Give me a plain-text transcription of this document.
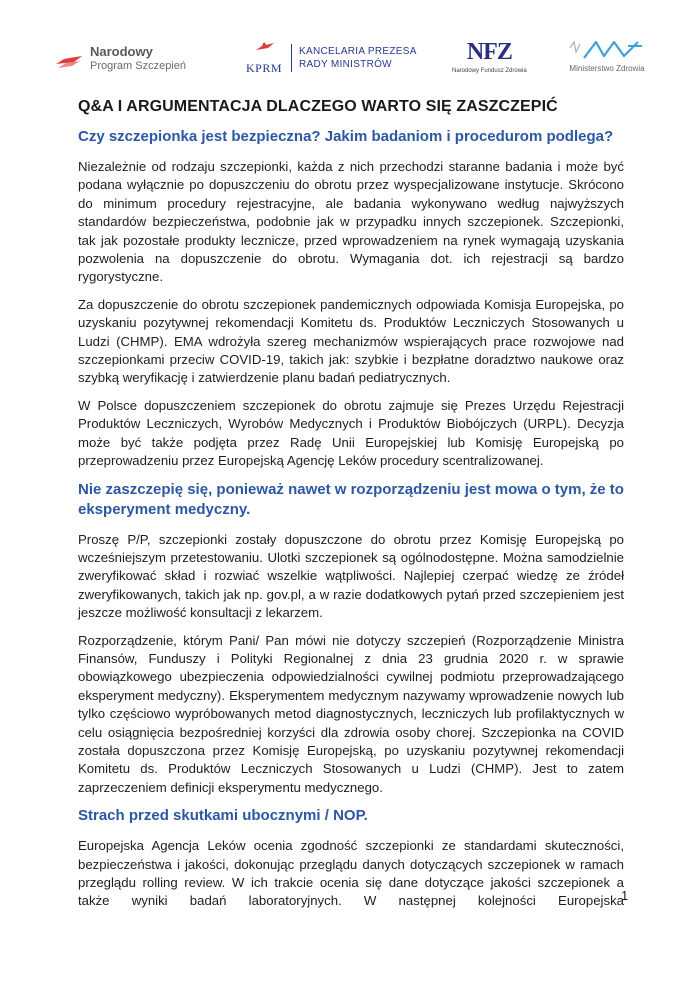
Narodowy
Program Szczepień	KPRM
KANCELARIA PREZESA
RADY MINISTRÓW	NFZ
Narodowy Fundusz Zdrowia	Ministerstwo Zdrowia
Q&A I ARGUMENTACJA DLACZEGO WARTO SIĘ ZASZCZEPIĆ
Czy szczepionka jest bezpieczna? Jakim badaniom i procedurom podlega?

Niezależnie od rodzaju szczepionki, każda z nich przechodzi staranne badania i może być podana wyłącznie po dopuszczeniu do obrotu przez wyspecjalizowane instytucje. Skrócono do minimum procedury rejestracyjne, ale badania wykonywano według najwyższych standardów bezpieczeństwa, podobnie jak w przypadku innych szczepionek. Szczepionki, tak jak pozostałe produkty lecznicze, przed wprowadzeniem na rynek wymagają uzyskania pozwolenia na dopuszczenie do obrotu. Wymagania dot. ich rejestracji są bardzo rygorystyczne.

Za dopuszczenie do obrotu szczepionek pandemicznych odpowiada Komisja Europejska, po uzyskaniu pozytywnej rekomendacji Komitetu ds. Produktów Leczniczych Stosowanych u Ludzi (CHMP). EMA wdrożyła szereg mechanizmów wspierających prace rozwojowe nad szczepionkami przeciw COVID-19, takich jak: szybkie i bezpłatne doradztwo naukowe oraz szybką weryfikację i zatwierdzenie planu badań pediatrycznych.

W Polsce dopuszczeniem szczepionek do obrotu zajmuje się Prezes Urzędu Rejestracji Produktów Leczniczych, Wyrobów Medycznych i Produktów Biobójczych (URPL). Decyzja może być także podjęta przez Radę Unii Europejskiej lub Komisję Europejską po przeprowadzeniu przez Europejską Agencję Leków procedury scentralizowanej.

Nie zaszczepię się, ponieważ nawet w rozporządzeniu jest mowa o tym, że to eksperyment medyczny.

Proszę P/P, szczepionki zostały dopuszczone do obrotu przez Komisję Europejską po wcześniejszym przetestowaniu. Ulotki szczepionek są ogólnodostępne. Można samodzielnie zweryfikować skład i rozwiać wszelkie wątpliwości. Najlepiej czerpać wiedzę ze źródeł zweryfikowanych, takich jak np. gov.pl, a w razie dodatkowych pytań przed szczepieniem jest jeszcze możliwość konsultacji z lekarzem.

Rozporządzenie, którym Pani/ Pan mówi nie dotyczy szczepień (Rozporządzenie Ministra Finansów, Funduszy i Polityki Regionalnej z dnia 23 grudnia 2020 r. w sprawie obowiązkowego ubezpieczenia odpowiedzialności cywilnej podmiotu przeprowadzającego eksperyment medyczny). Eksperymentem medycznym nazywamy wprowadzenie nowych lub tylko częściowo wypróbowanych metod diagnostycznych, leczniczych lub profilaktycznych w celu osiągnięcia bezpośredniej korzyści dla zdrowia osoby chorej. Szczepionka na COVID została dopuszczona przez Komisję Europejską, po uzyskaniu pozytywnej rekomendacji Komitetu ds. Produktów Leczniczych Stosowanych u Ludzi (CHMP). Jest to zatem zaprzeczeniem definicji eksperymentu medycznego.

Strach przed skutkami ubocznymi / NOP.

Europejska Agencja Leków ocenia zgodność szczepionki ze standardami skuteczności, bezpieczeństwa i jakości, dokonując przeglądu danych dotyczących szczepionek w ramach przeglądu rolling review. W ich trakcie ocenia się dane dotyczące jakości szczepionek a także wyniki badań laboratoryjnych. W następnej kolejności Europejska

1
